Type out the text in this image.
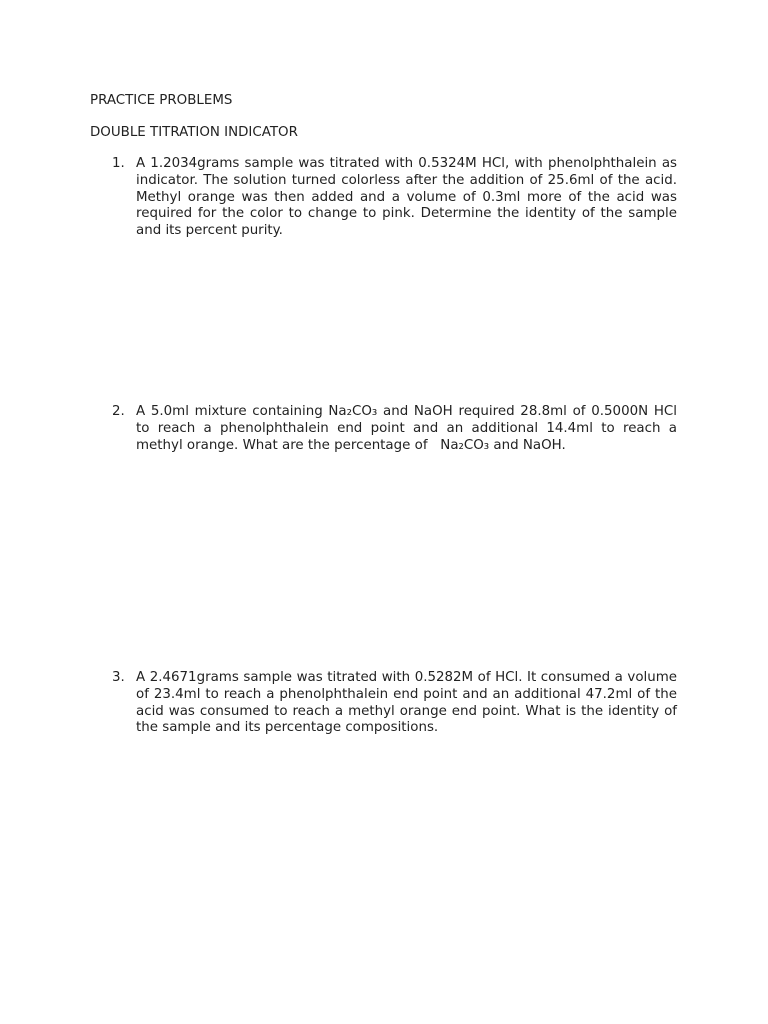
PRACTICE PROBLEMS
DOUBLE TITRATION INDICATOR
1. A 1.2034grams sample was titrated with 0.5324M HCl, with phenolphthalein as indicator. The solution turned colorless after the addition of 25.6ml of the acid. Methyl orange was then added and a volume of 0.3ml more of the acid was required for the color to change to pink. Determine the identity of the sample and its percent purity.

2. A 5.0ml mixture containing Na₂CO₃ and NaOH required 28.8ml of 0.5000N HCl to reach a phenolphthalein end point and an additional 14.4ml to reach a methyl orange. What are the percentage of   Na₂CO₃ and NaOH.

3. A 2.4671grams sample was titrated with 0.5282M of HCl. It consumed a volume of 23.4ml to reach a phenolphthalein end point and an additional 47.2ml of the acid was consumed to reach a methyl orange end point. What is the identity of the sample and its percentage compositions.
